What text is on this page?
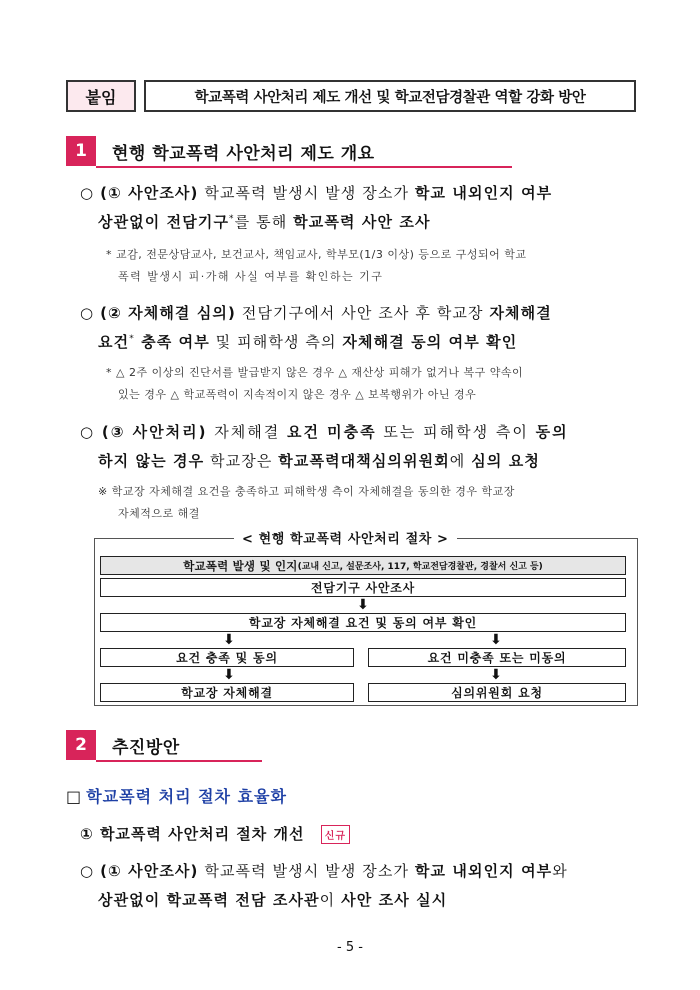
붙임	학교폭력 사안처리 제도 개선 및 학교전담경찰관 역할 강화 방안
1	현행 학교폭력 사안처리 제도 개요
○ (① 사안조사) 학교폭력 발생시 발생 장소가 학교 내외인지 여부
상관없이 전담기구*를 통해 학교폭력 사안 조사
* 교감, 전문상담교사, 보건교사, 책임교사, 학부모(1/3 이상) 등으로 구성되어 학교
폭력 발생시 피·가해 사실 여부를 확인하는 기구
○ (② 자체해결 심의) 전담기구에서 사안 조사 후 학교장 자체해결
요건* 충족 여부 및 피해학생 측의 자체해결 동의 여부 확인
* △ 2주 이상의 진단서를 발급받지 않은 경우 △ 재산상 피해가 없거나 복구 약속이
있는 경우 △ 학교폭력이 지속적이지 않은 경우 △ 보복행위가 아닌 경우
○ (③ 사안처리) 자체해결 요건 미충족 또는 피해학생 측이 동의
하지 않는 경우 학교장은 학교폭력대책심의위원회에 심의 요청
※ 학교장 자체해결 요건을 충족하고 피해학생 측이 자체해결을 동의한 경우 학교장
자체적으로 해결
< 현행 학교폭력 사안처리 절차 >
학교폭력 발생 및 인지 (교내 신고, 설문조사, 117, 학교전담경찰관, 경찰서 신고 등)
전담기구 사안조사
⬇
학교장 자체해결 요건 및 동의 여부 확인
⬇	⬇
요건 충족 및 동의	요건 미충족 또는 미동의
⬇	⬇
학교장 자체해결	심의위원회 요청
2	추진방안
□ 학교폭력 처리 절차 효율화
① 학교폭력 사안처리 절차 개선 신규
○ (① 사안조사) 학교폭력 발생시 발생 장소가 학교 내외인지 여부와
상관없이 학교폭력 전담 조사관이 사안 조사 실시
- 5 -
